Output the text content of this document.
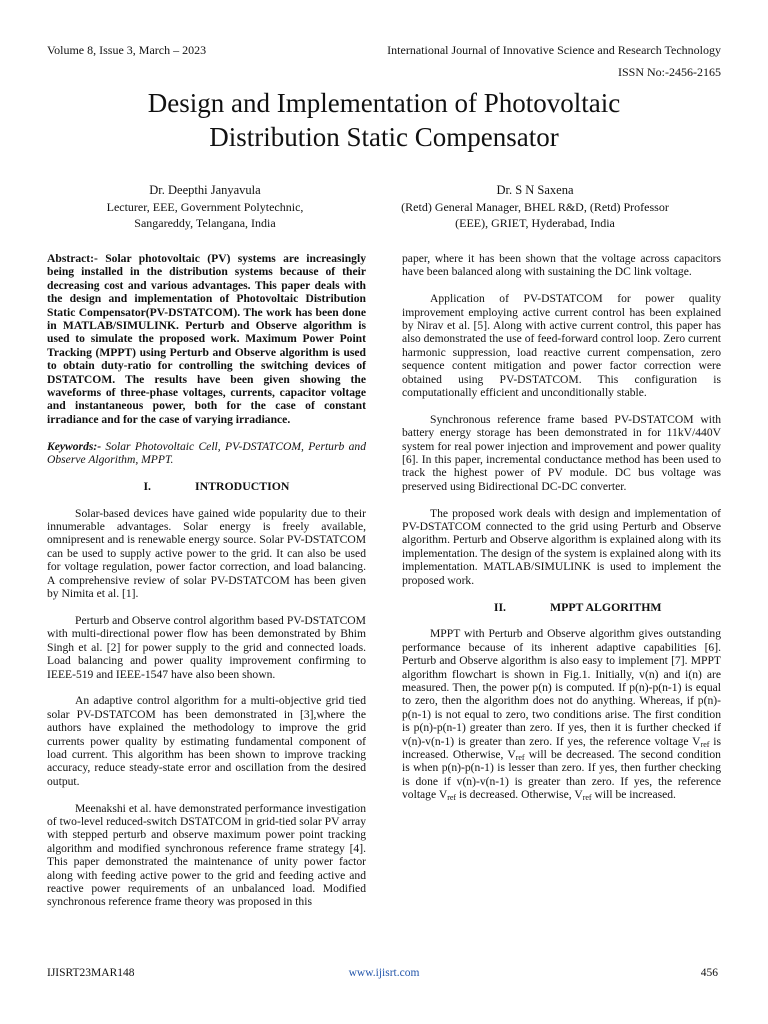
Volume 8, Issue 3, March – 2023	International Journal of Innovative Science and Research Technology
ISSN No:-2456-2165
Design and Implementation of Photovoltaic
Distribution Static Compensator
Dr. Deepthi Janyavula
Lecturer, EEE, Government Polytechnic,
Sangareddy, Telangana, India
Dr. S N Saxena
(Retd) General Manager, BHEL R&D, (Retd) Professor
(EEE), GRIET, Hyderabad, India

Abstract:- Solar photovoltaic (PV) systems are increasingly being installed in the distribution systems because of their decreasing cost and various advantages. This paper deals with the design and implementation of Photovoltaic Distribution Static Compensator(PV-DSTATCOM). The work has been done in MATLAB/SIMULINK. Perturb and Observe algorithm is used to simulate the proposed work. Maximum Power Point Tracking (MPPT) using Perturb and Observe algorithm is used to obtain duty-ratio for controlling the switching devices of DSTATCOM. The results have been given showing the waveforms of three-phase voltages, currents, capacitor voltage and instantaneous power, both for the case of constant irradiance and for the case of varying irradiance.

Keywords:- Solar Photovoltaic Cell, PV-DSTATCOM, Perturb and Observe Algorithm, MPPT.

I.	INTRODUCTION

Solar-based devices have gained wide popularity due to their innumerable advantages. Solar energy is freely available, omnipresent and is renewable energy source. Solar PV-DSTATCOM can be used to supply active power to the grid. It can also be used for voltage regulation, power factor correction, and load balancing. A comprehensive review of solar PV-DSTATCOM has been given by Nimita et al. [1].

Perturb and Observe control algorithm based PV-DSTATCOM with multi-directional power flow has been demonstrated by Bhim Singh et al. [2] for power supply to the grid and connected loads. Load balancing and power quality improvement confirming to IEEE-519 and IEEE-1547 have also been shown.

An adaptive control algorithm for a multi-objective grid tied solar PV-DSTATCOM has been demonstrated in [3],where the authors have explained the methodology to improve the grid currents power quality by estimating fundamental component of load current. This algorithm has been shown to improve tracking accuracy, reduce steady-state error and oscillation from the desired output.

Meenakshi et al. have demonstrated performance investigation of two-level reduced-switch DSTATCOM in grid-tied solar PV array with stepped perturb and observe maximum power point tracking algorithm and modified synchronous reference frame strategy [4]. This paper demonstrated the maintenance of unity power factor along with feeding active power to the grid and feeding active and reactive power requirements of an unbalanced load. Modified synchronous reference frame theory was proposed in this

paper, where it has been shown that the voltage across capacitors have been balanced along with sustaining the DC link voltage.

Application of PV-DSTATCOM for power quality improvement employing active current control has been explained by Nirav et al. [5]. Along with active current control, this paper has also demonstrated the use of feed-forward control loop. Zero current harmonic suppression, load reactive current compensation, zero sequence content mitigation and power factor correction were obtained using PV-DSTATCOM. This configuration is computationally efficient and unconditionally stable.

Synchronous reference frame based PV-DSTATCOM with battery energy storage has been demonstrated in for 11kV/440V system for real power injection and improvement and power quality [6]. In this paper, incremental conductance method has been used to track the highest power of PV module. DC bus voltage was preserved using Bidirectional DC-DC converter.

The proposed work deals with design and implementation of PV-DSTATCOM connected to the grid using Perturb and Observe algorithm. Perturb and Observe algorithm is explained along with its implementation. The design of the system is explained along with its implementation. MATLAB/SIMULINK is used to implement the proposed work.

II.	MPPT ALGORITHM

MPPT with Perturb and Observe algorithm gives outstanding performance because of its inherent adaptive capabilities [6]. Perturb and Observe algorithm is also easy to implement [7]. MPPT algorithm flowchart is shown in Fig.1. Initially, v(n) and i(n) are measured. Then, the power p(n) is computed. If p(n)-p(n-1) is equal to zero, then the algorithm does not do anything. Whereas, if p(n)-p(n-1) is not equal to zero, two conditions arise. The first condition is p(n)-p(n-1) greater than zero. If yes, then it is further checked if v(n)-v(n-1) is greater than zero. If yes, the reference voltage $V_{ref}$ is increased. Otherwise, $V_{ref}$ will be decreased. The second condition is when p(n)-p(n-1) is lesser than zero. If yes, then further checking is done if v(n)-v(n-1) is greater than zero. If yes, the reference voltage $V_{ref}$ is decreased. Otherwise, $V_{ref}$ will be increased.

IJISRT23MAR148	www.ijisrt.com	456
